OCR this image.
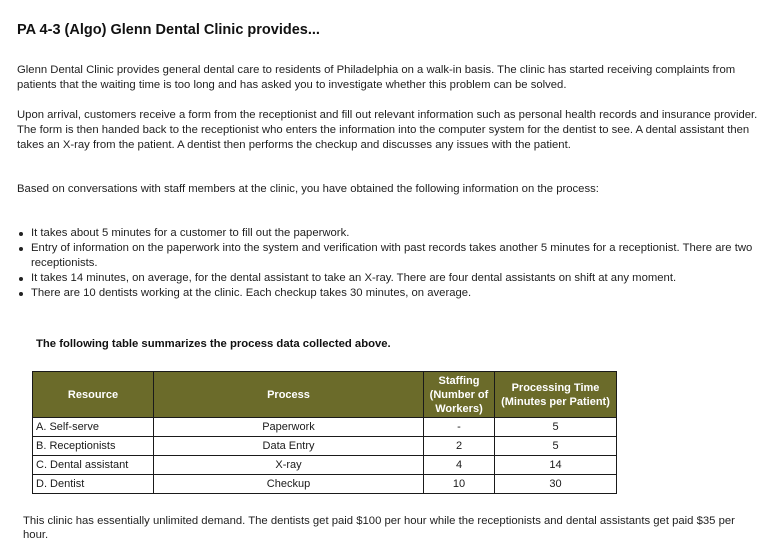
PA 4-3 (Algo) Glenn Dental Clinic provides...

Glenn Dental Clinic provides general dental care to residents of Philadelphia on a walk-in basis. The clinic has started receiving complaints from patients that the waiting time is too long and has asked you to investigate whether this problem can be solved.

Upon arrival, customers receive a form from the receptionist and fill out relevant information such as personal health records and insurance provider. The form is then handed back to the receptionist who enters the information into the computer system for the dentist to see. A dental assistant then takes an X-ray from the patient. A dentist then performs the checkup and discusses any issues with the patient.

Based on conversations with staff members at the clinic, you have obtained the following information on the process:

It takes about 5 minutes for a customer to fill out the paperwork.
Entry of information on the paperwork into the system and verification with past records takes another 5 minutes for a receptionist. There are two receptionists.
It takes 14 minutes, on average, for the dental assistant to take an X-ray. There are four dental assistants on shift at any moment.
There are 10 dentists working at the clinic. Each checkup takes 30 minutes, on average.

The following table summarizes the process data collected above.

Resource	Process	Staffing (Number of Workers)	Processing Time (Minutes per Patient)
A. Self-serve	Paperwork	-	5
B. Receptionists	Data Entry	2	5
C. Dental assistant	X-ray	4	14
D. Dentist	Checkup	10	30

This clinic has essentially unlimited demand. The dentists get paid $100 per hour while the receptionists and dental assistants get paid $35 per hour.
